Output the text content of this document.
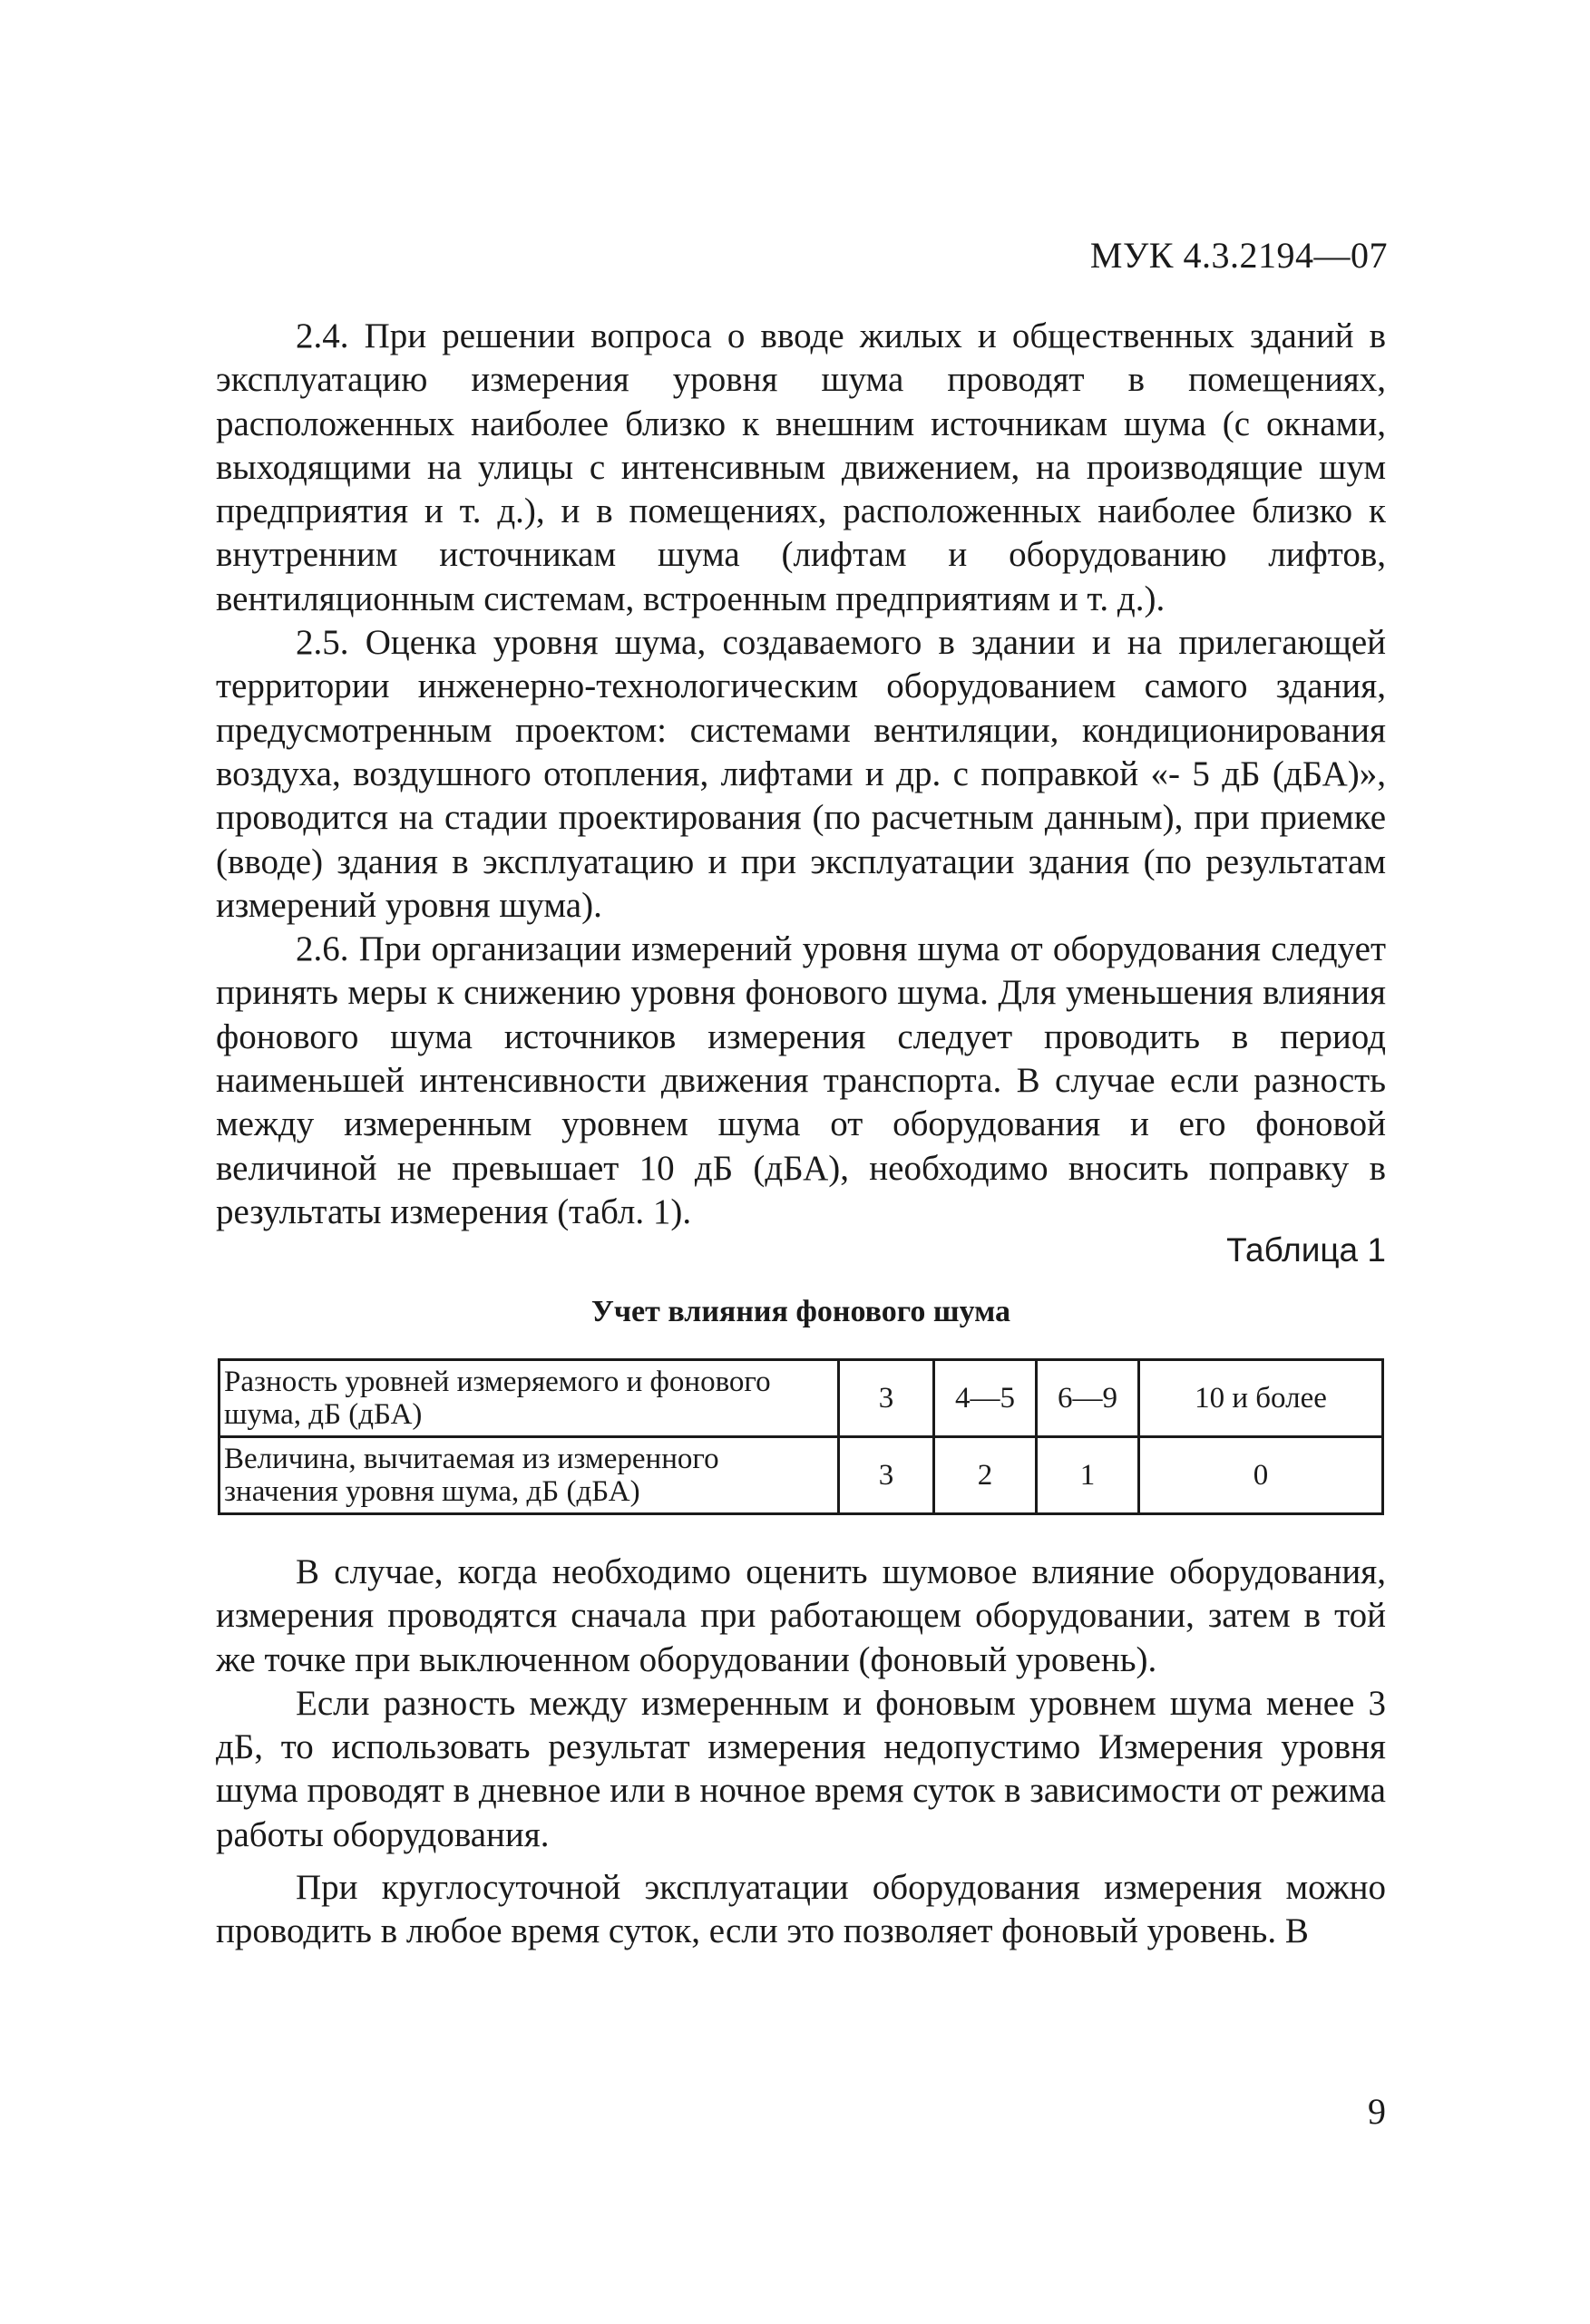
МУК 4.3.2194—07

2.4. При решении вопроса о вводе жилых и общественных зданий в эксплуатацию измерения уровня шума проводят в помещениях, расположенных наиболее близко к внешним источникам шума (с окнами, выходящими на улицы с интенсивным движением, на производящие шум предприятия и т. д.), и в помещениях, расположенных наиболее близко к внутренним источникам шума (лифтам и оборудованию лифтов, вентиляционным системам, встроенным предприятиям и т. д.).

2.5. Оценка уровня шума, создаваемого в здании и на прилегающей территории инженерно-технологическим оборудованием самого здания, предусмотренным проектом: системами вентиляции, кондиционирования воздуха, воздушного отопления, лифтами и др. с поправкой «- 5 дБ (дБА)», проводится на стадии проектирования (по расчетным данным), при приемке (вводе) здания в эксплуатацию и при эксплуатации здания (по результатам измерений уровня шума).

2.6. При организации измерений уровня шума от оборудования следует принять меры к снижению уровня фонового шума. Для уменьшения влияния фонового шума источников измерения следует проводить в период наименьшей интенсивности движения транспорта. В случае если разность между измеренным уровнем шума от оборудования и его фоновой величиной не превышает 10 дБ (дБА), необходимо вносить поправку в результаты измерения (табл. 1).

Таблица 1
Учет влияния фонового шума
Разность уровней измеряемого и фонового шума, дБ (дБА)	3	4—5	6—9	10 и более
Величина, вычитаемая из измеренного значения уровня шума, дБ (дБА)	3	2	1	0

В случае, когда необходимо оценить шумовое влияние оборудования, измерения проводятся сначала при работающем оборудовании, затем в той же точке при выключенном оборудовании (фоновый уровень).

Если разность между измеренным и фоновым уровнем шума менее 3 дБ, то использовать результат измерения недопустимо Измерения уровня шума проводят в дневное или в ночное время суток в зависимости от режима работы оборудования.

При круглосуточной эксплуатации оборудования измерения можно проводить в любое время суток, если это позволяет фоновый уровень. В

9
